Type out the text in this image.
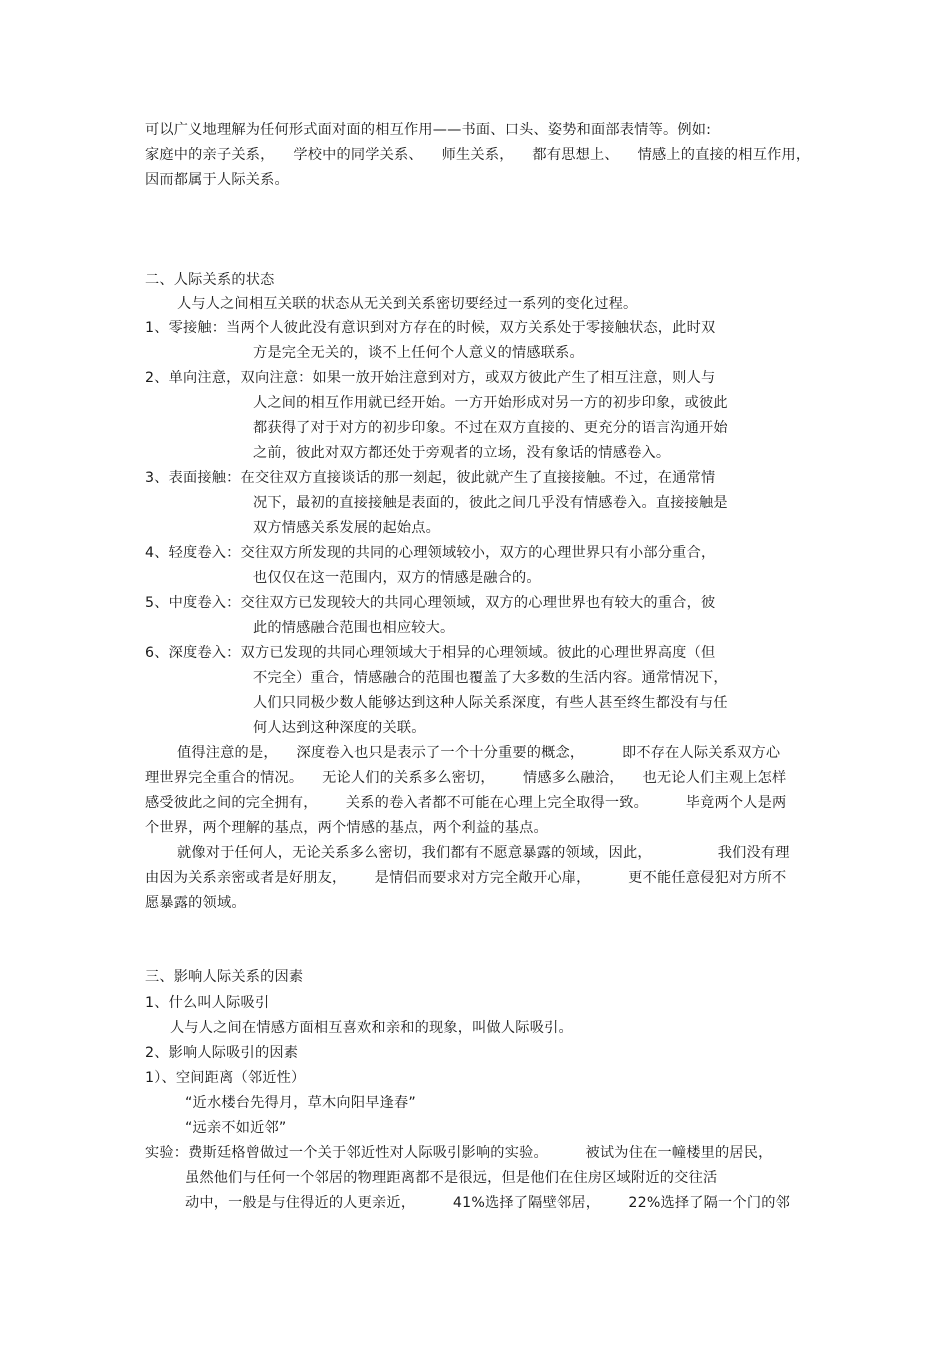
可以广义地理解为任何形式面对面的相互作用——书面、口头、姿势和面部表情等。例如:
家庭中的亲子关系，    学校中的同学关系、    师生关系，    都有思想上、    情感上的直接的相互作用，
因而都属于人际关系。
二、人际关系的状态
人与人之间相互关联的状态从无关到关系密切要经过一系列的变化过程。
1、零接触：当两个人彼此没有意识到对方存在的时候，双方关系处于零接触状态，此时双
方是完全无关的，谈不上任何个人意义的情感联系。
2、单向注意，双向注意：如果一放开始注意到对方，或双方彼此产生了相互注意，则人与
人之间的相互作用就已经开始。一方开始形成对另一方的初步印象，或彼此
都获得了对于对方的初步印象。不过在双方直接的、更充分的语言沟通开始
之前，彼此对双方都还处于旁观者的立场，没有象话的情感卷入。
3、表面接触：在交往双方直接谈话的那一刻起，彼此就产生了直接接触。不过，在通常情
况下，最初的直接接触是表面的，彼此之间几乎没有情感卷入。直接接触是
双方情感关系发展的起始点。
4、轻度卷入：交往双方所发现的共同的心理领域较小，双方的心理世界只有小部分重合，
也仅仅在这一范围内，双方的情感是融合的。
5、中度卷入：交往双方已发现较大的共同心理领域，双方的心理世界也有较大的重合，彼
此的情感融合范围也相应较大。
6、深度卷入：双方已发现的共同心理领域大于相异的心理领域。彼此的心理世界高度（但
不完全）重合，情感融合的范围也覆盖了大多数的生活内容。通常情况下，
人们只同极少数人能够达到这种人际关系深度，有些人甚至终生都没有与任
何人达到这种深度的关联。
值得注意的是，    深度卷入也只是表示了一个十分重要的概念，        即不存在人际关系双方心
理世界完全重合的情况。    无论人们的关系多么密切，      情感多么融洽，    也无论人们主观上怎样
感受彼此之间的完全拥有，      关系的卷入者都不可能在心理上完全取得一致。        毕竟两个人是两
个世界，两个理解的基点，两个情感的基点，两个利益的基点。
就像对于任何人，无论关系多么密切，我们都有不愿意暴露的领域，因此，              我们没有理
由因为关系亲密或者是好朋友，      是情侣而要求对方完全敞开心扉，        更不能任意侵犯对方所不
愿暴露的领域。
三、影响人际关系的因素
1、什么叫人际吸引
人与人之间在情感方面相互喜欢和亲和的现象，叫做人际吸引。
2、影响人际吸引的因素
1）、空间距离（邻近性）
“近水楼台先得月，草木向阳早逢春”
“远亲不如近邻”
实验：费斯廷格曾做过一个关于邻近性对人际吸引影响的实验。        被试为住在一幢楼里的居民，
虽然他们与任何一个邻居的物理距离都不是很远，但是他们在住房区域附近的交往活
动中，一般是与住得近的人更亲近，        41%选择了隔壁邻居，      22%选择了隔一个门的邻
